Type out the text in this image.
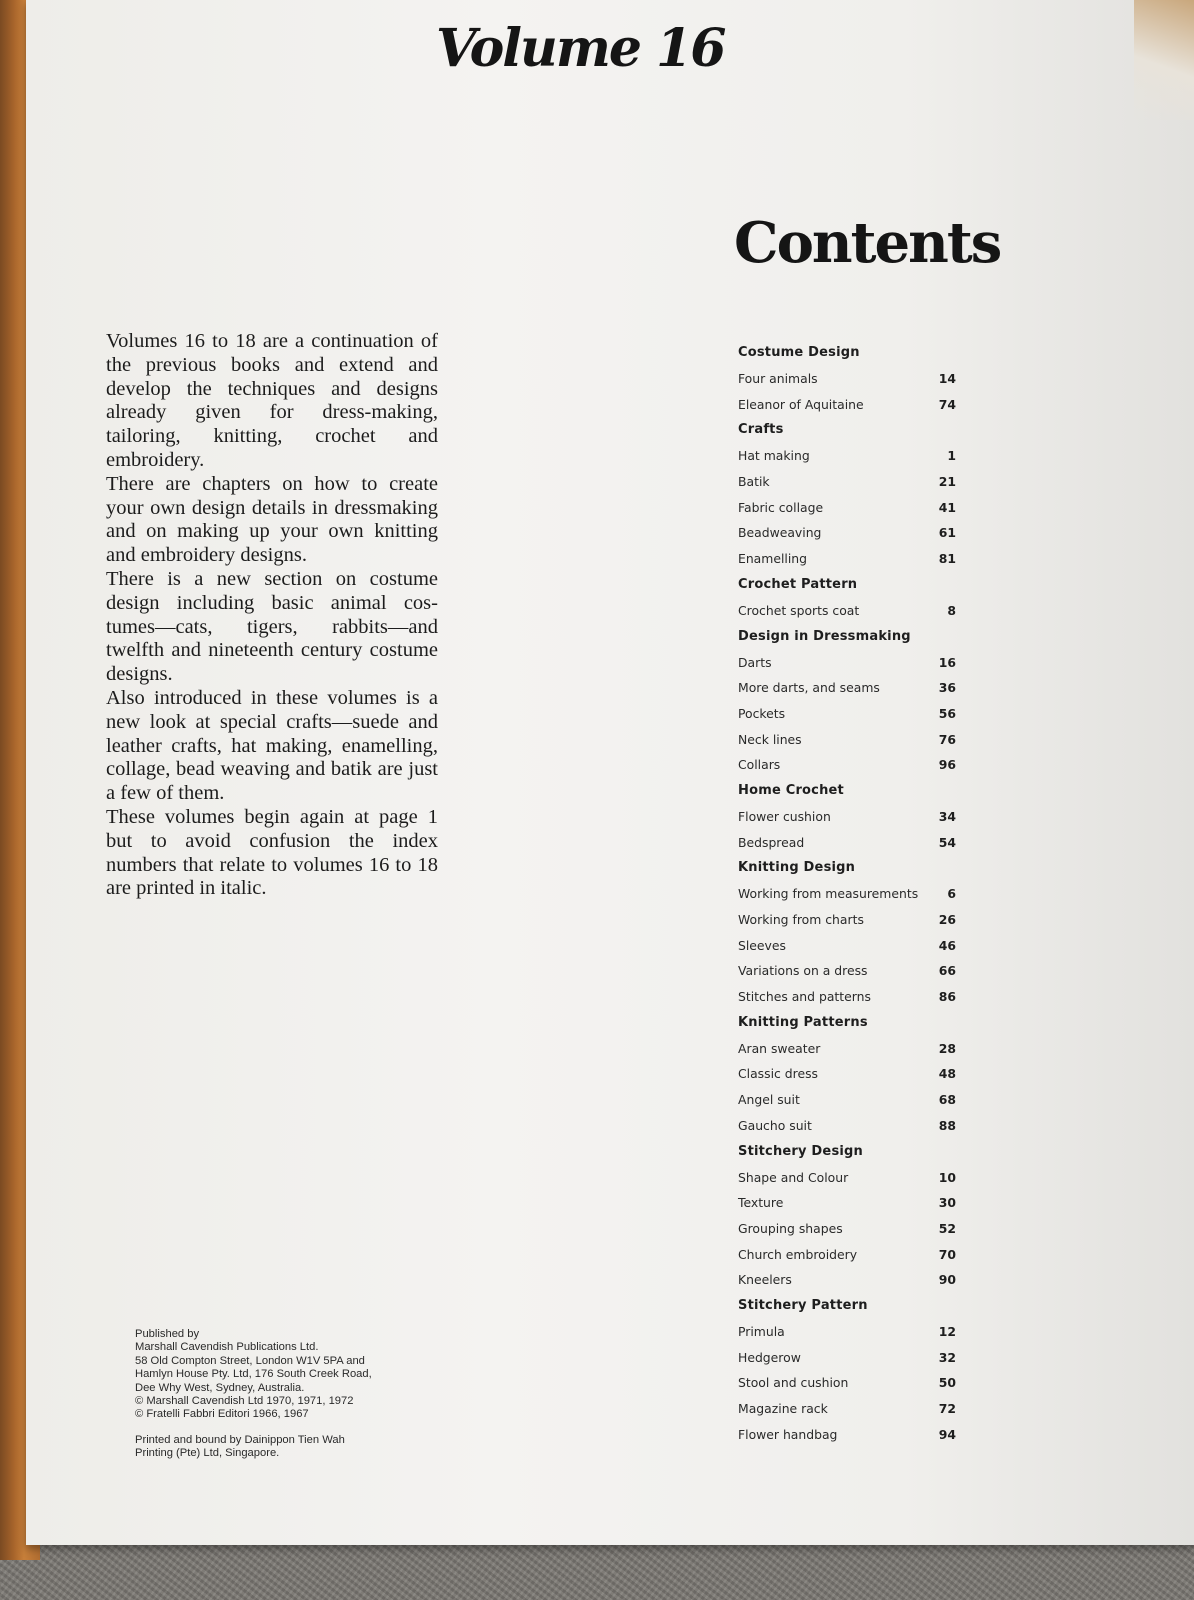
Volume 16
Contents

Volumes 16 to 18 are a continuation of the previous books and extend and develop the techniques and designs already given for dress-making, tailoring, knitting, crochet and embroidery.

There are chapters on how to create your own design details in dressmaking and on making up your own knitting and embroidery designs.

There is a new section on costume design including basic animal cos-tumes—cats, tigers, rabbits—and twelfth and nineteenth century costume designs.

Also introduced in these volumes is a new look at special crafts—suede and leather crafts, hat making, enamelling, collage, bead weaving and batik are just a few of them.

These volumes begin again at page 1 but to avoid confusion the index numbers that relate to volumes 16 to 18 are printed in italic.

Costume Design
Four animals	14
Eleanor of Aquitaine	74
Crafts
Hat making	1
Batik	21
Fabric collage	41
Beadweaving	61
Enamelling	81
Crochet Pattern
Crochet sports coat	8
Design in Dressmaking
Darts	16
More darts, and seams	36
Pockets	56
Neck lines	76
Collars	96
Home Crochet
Flower cushion	34
Bedspread	54
Knitting Design
Working from measurements	6
Working from charts	26
Sleeves	46
Variations on a dress	66
Stitches and patterns	86
Knitting Patterns
Aran sweater	28
Classic dress	48
Angel suit	68
Gaucho suit	88
Stitchery Design
Shape and Colour	10
Texture	30
Grouping shapes	52
Church embroidery	70
Kneelers	90
Stitchery Pattern
Primula	12
Hedgerow	32
Stool and cushion	50
Magazine rack	72
Flower handbag	94

Published by
Marshall Cavendish Publications Ltd.
58 Old Compton Street, London W1V 5PA and
Hamlyn House Pty. Ltd, 176 South Creek Road,
Dee Why West, Sydney, Australia.
© Marshall Cavendish Ltd 1970, 1971, 1972
© Fratelli Fabbri Editori 1966, 1967

Printed and bound by Dainippon Tien Wah
Printing (Pte) Ltd, Singapore.
